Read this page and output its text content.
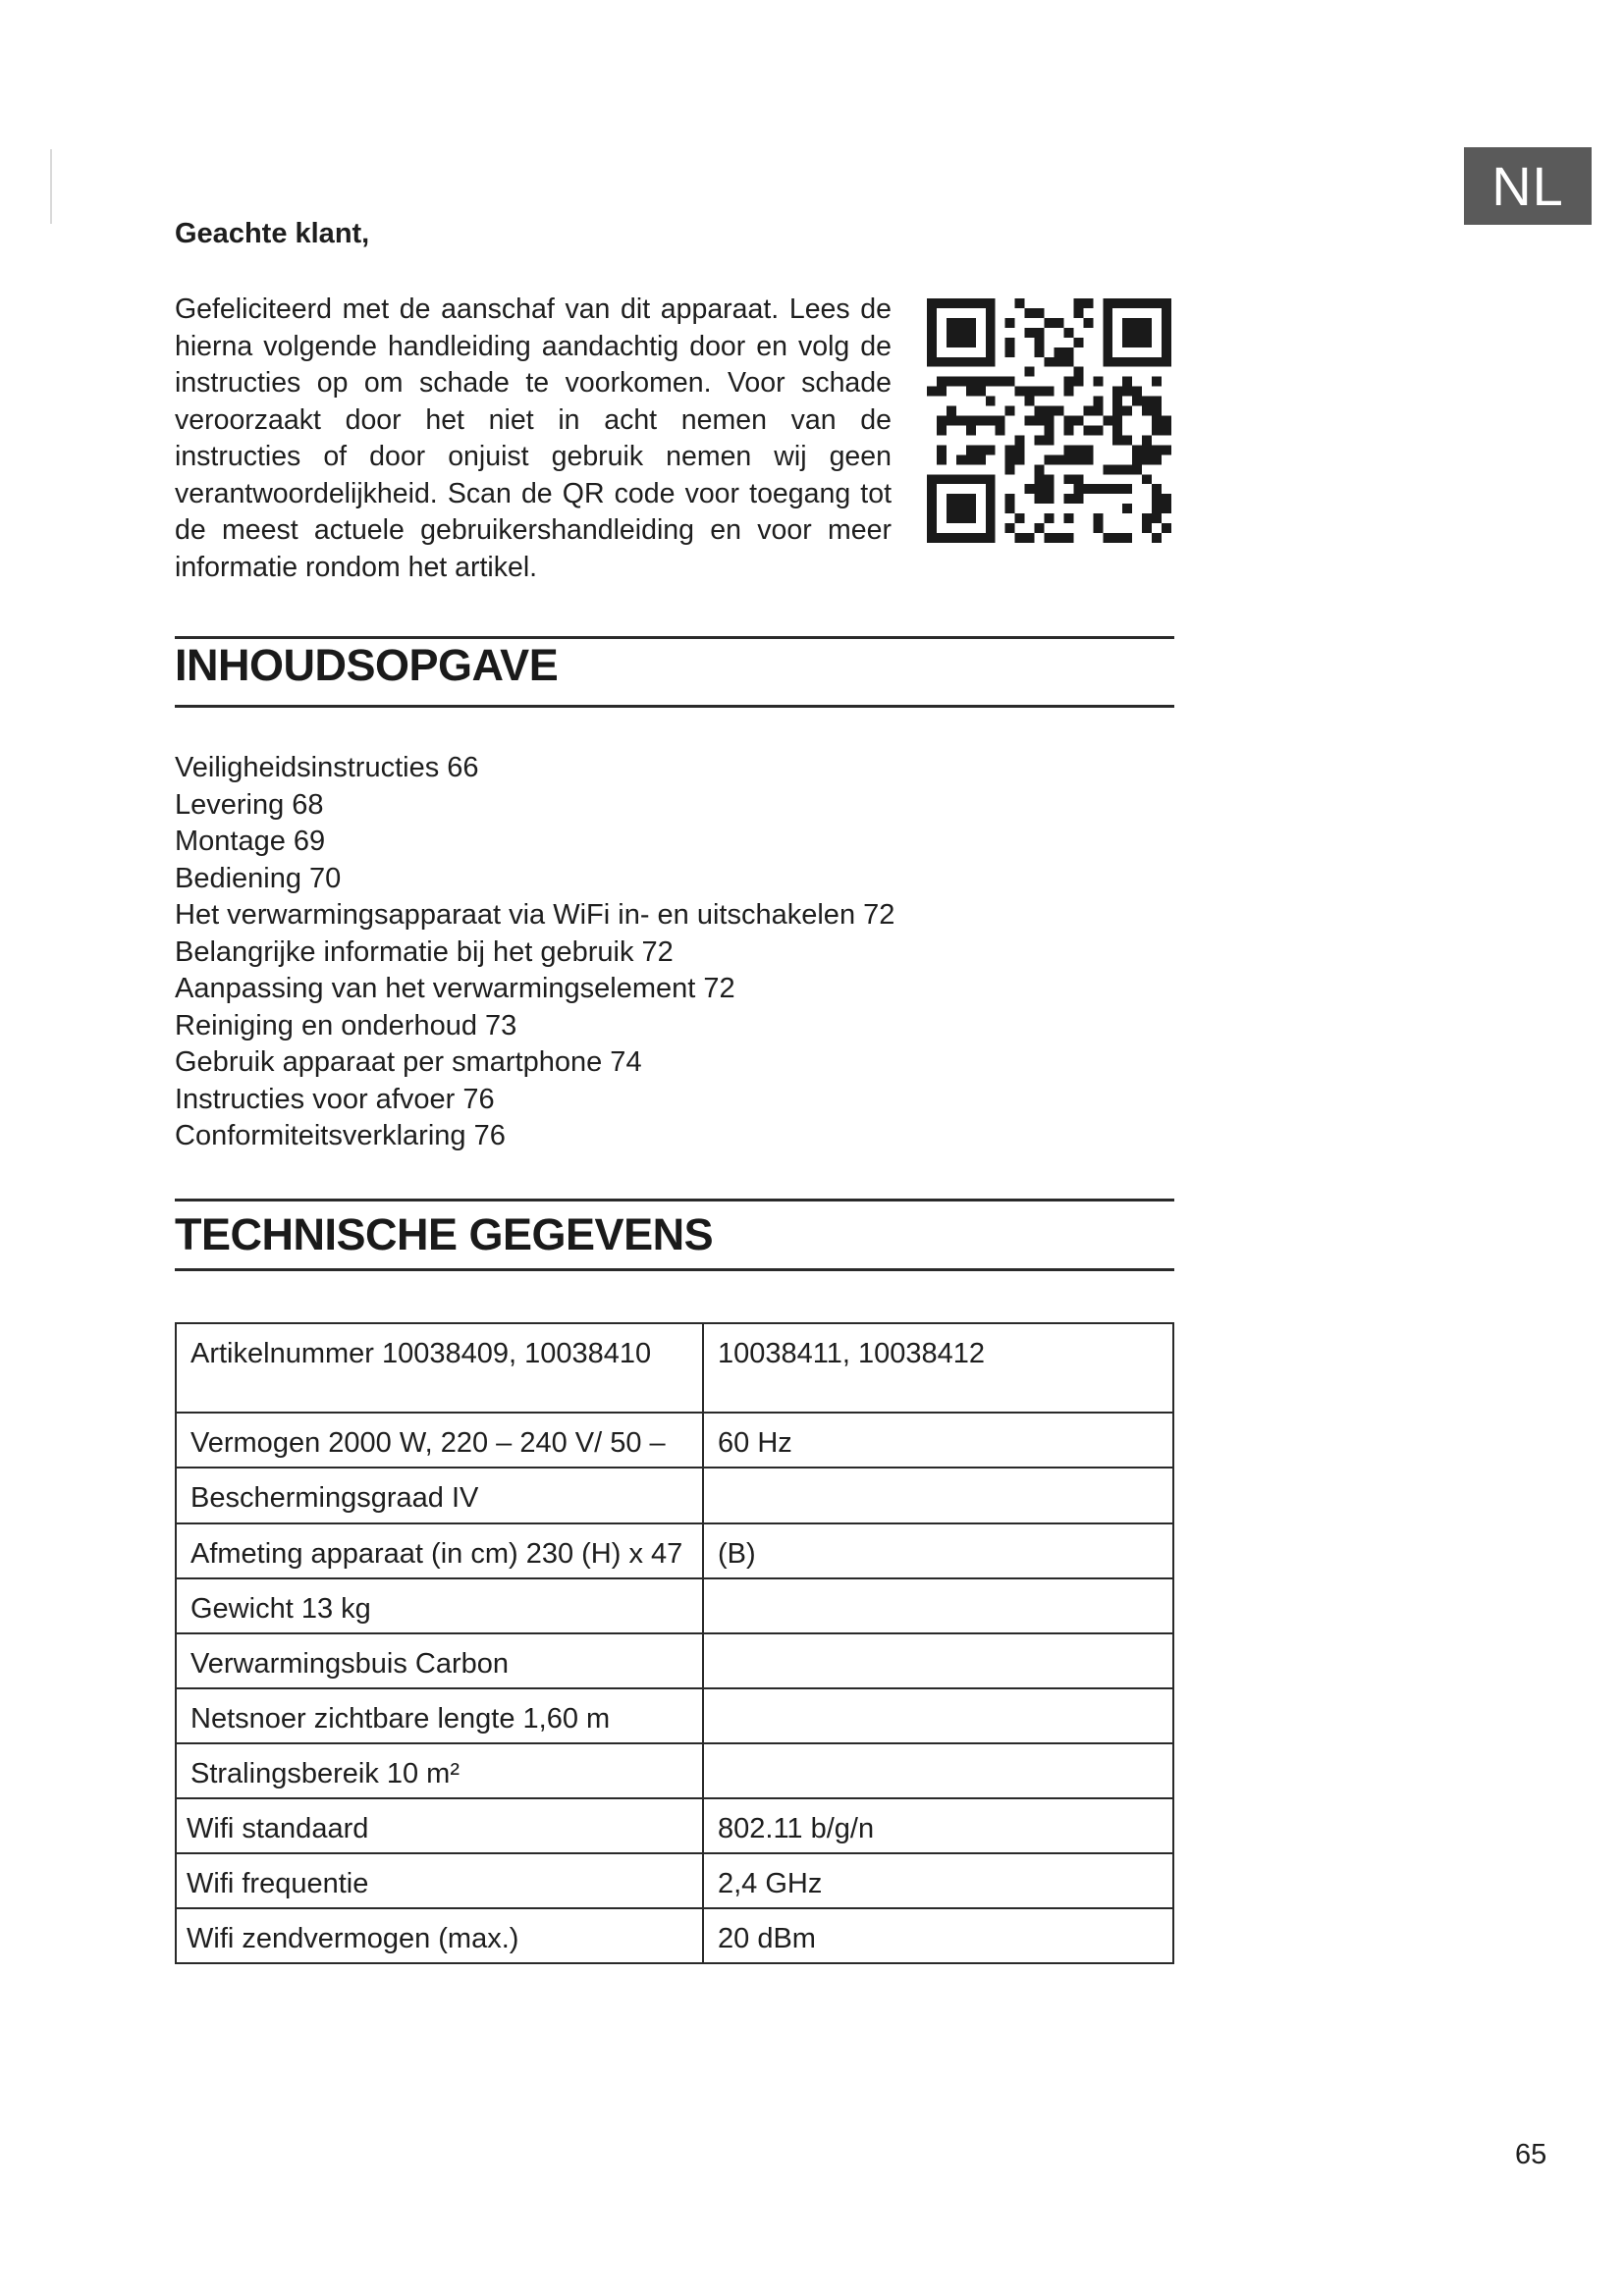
NL

Geachte klant,

Gefeliciteerd met de aanschaf van dit apparaat. Lees de hierna volgende handleiding aandachtig door en volg de instructies op om schade te voorkomen. Voor schade veroorzaakt door het niet in acht nemen van de instructies of door onjuist gebruik nemen wij geen verantwoordelijkheid. Scan de QR code voor toegang tot de meest actuele gebruikershandleiding en voor meer informatie rondom het artikel.

INHOUDSOPGAVE
Veiligheidsinstructies 66
Levering 68
Montage 69
Bediening 70
Het verwarmingsapparaat via WiFi in- en uitschakelen 72
Belangrijke informatie bij het gebruik 72
Aanpassing van het verwarmingselement 72
Reiniging en onderhoud 73
Gebruik apparaat per smartphone 74
Instructies voor afvoer 76
Conformiteitsverklaring 76
TECHNISCHE GEGEVENS
Artikelnummer 10038409, 10038410	10038411, 10038412
Vermogen 2000 W, 220 – 240 V/ 50 –	60 Hz
Beschermingsgraad IV	
Afmeting apparaat (in cm) 230 (H) x 47	(B)
Gewicht 13 kg	
Verwarmingsbuis Carbon	
Netsnoer zichtbare lengte 1,60 m	
Stralingsbereik 10 m²	
Wifi standaard	802.11 b/g/n
Wifi frequentie	2,4 GHz
Wifi zendvermogen (max.)	20 dBm
65
